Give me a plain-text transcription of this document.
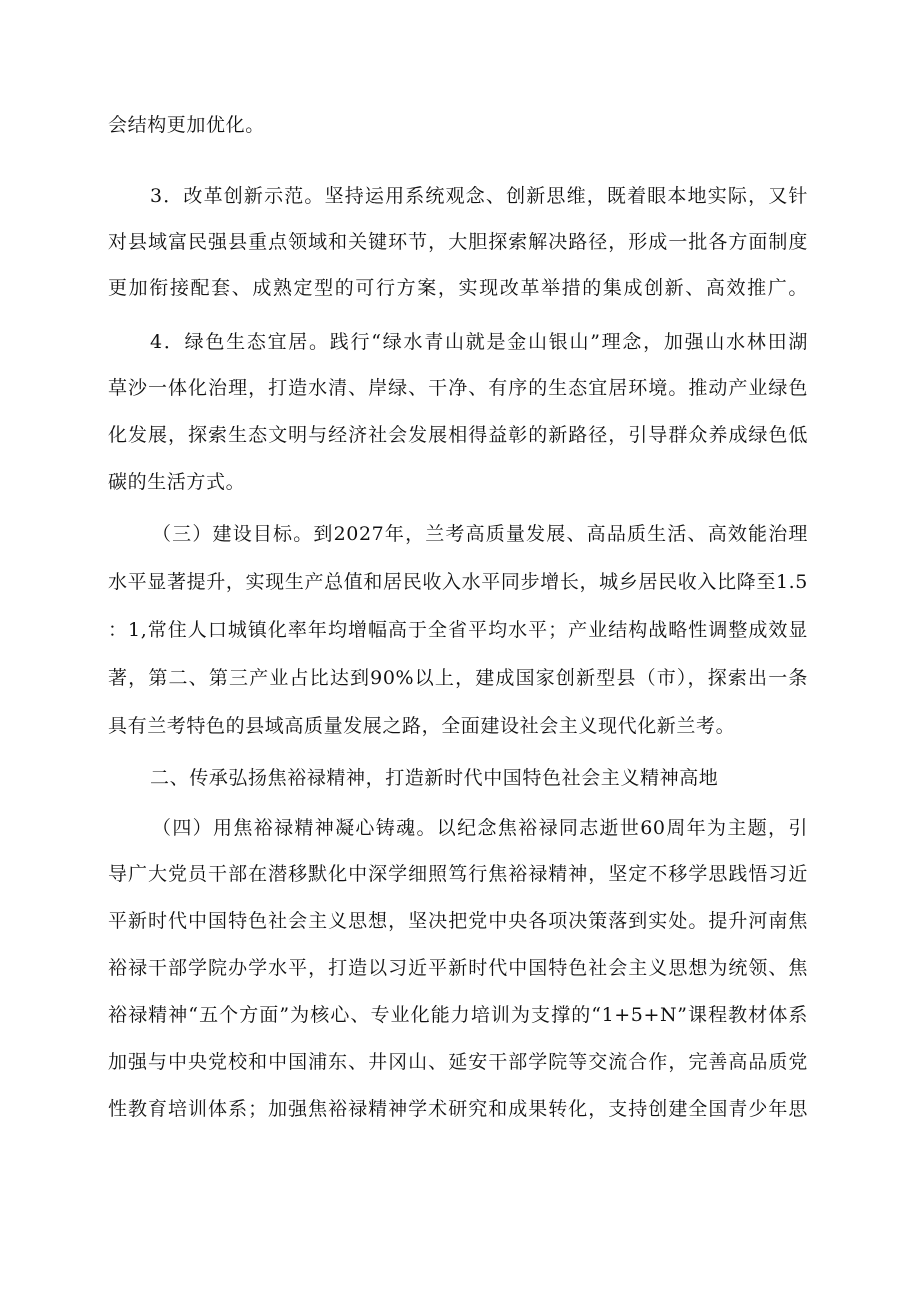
会结构更加优化。
3．改革创新示范。坚持运用系统观念、创新思维，既着眼本地实际，又针
对县域富民强县重点领域和关键环节，大胆探索解决路径，形成一批各方面制度
更加衔接配套、成熟定型的可行方案，实现改革举措的集成创新、高效推广。
4．绿色生态宜居。践行“绿水青山就是金山银山”理念，加强山水林田湖
草沙一体化治理，打造水清、岸绿、干净、有序的生态宜居环境。推动产业绿色
化发展，探索生态文明与经济社会发展相得益彰的新路径，引导群众养成绿色低
碳的生活方式。
（三）建设目标。到2027年，兰考高质量发展、高品质生活、高效能治理
水平显著提升，实现生产总值和居民收入水平同步增长，城乡居民收入比降至1.5
：1,常住人口城镇化率年均增幅高于全省平均水平；产业结构战略性调整成效显
著，第二、第三产业占比达到90%以上，建成国家创新型县（市），探索出一条
具有兰考特色的县域高质量发展之路，全面建设社会主义现代化新兰考。
二、传承弘扬焦裕禄精神，打造新时代中国特色社会主义精神高地
（四）用焦裕禄精神凝心铸魂。以纪念焦裕禄同志逝世60周年为主题，引
导广大党员干部在潜移默化中深学细照笃行焦裕禄精神，坚定不移学思践悟习近
平新时代中国特色社会主义思想，坚决把党中央各项决策落到实处。提升河南焦
裕禄干部学院办学水平，打造以习近平新时代中国特色社会主义思想为统领、焦
裕禄精神“五个方面”为核心、专业化能力培训为支撑的“1+5+N”课程教材体系
加强与中央党校和中国浦东、井冈山、延安干部学院等交流合作，完善高品质党
性教育培训体系；加强焦裕禄精神学术研究和成果转化，支持创建全国青少年思
